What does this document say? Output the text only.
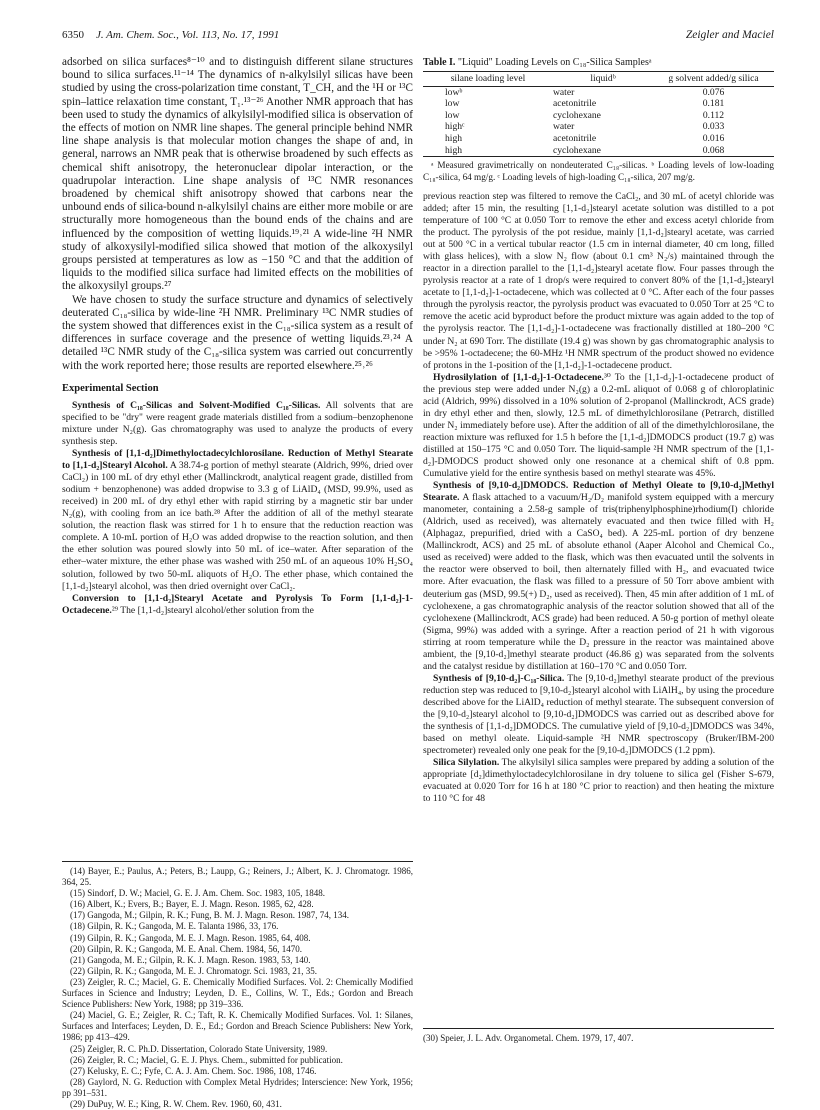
6350 J. Am. Chem. Soc., Vol. 113, No. 17, 1991	Zeigler and Maciel

adsorbed on silica surfaces⁸⁻¹⁰ and to distinguish different silane structures bound to silica surfaces.¹¹⁻¹⁴ The dynamics of n-alkylsilyl silicas have been studied by using the cross-polarization time constant, T_CH, and the ¹H or ¹³C spin–lattice relaxation time constant, T₁.¹³⁻²⁶ Another NMR approach that has been used to study the dynamics of alkylsilyl-modified silica is observation of the effects of motion on NMR line shapes. The general principle behind NMR line shape analysis is that molecular motion changes the shape of and, in general, narrows an NMR peak that is otherwise broadened by such effects as chemical shift anisotropy, the heteronuclear dipolar interaction, or the quadrupolar interaction. Line shape analysis of ¹³C NMR resonances broadened by chemical shift anisotropy showed that carbons near the unbound ends of silica-bound n-alkylsilyl chains are either more mobile or are structurally more homogeneous than the bound ends of the chains and are influenced by the composition of wetting liquids.¹⁹˒²¹ A wide-line ²H NMR study of alkoxysilyl-modified silica showed that motion of the alkoxysilyl groups persisted at temperatures as low as −150 °C and that the addition of liquids to the modified silica surface had limited effects on the mobilities of the alkoxysilyl groups.²⁷

We have chosen to study the surface structure and dynamics of selectively deuterated C₁₈-silica by wide-line ²H NMR. Preliminary ¹³C NMR studies of the system showed that differences exist in the C₁₈-silica system as a result of differences in surface coverage and the presence of wetting liquids.²³˒²⁴ A detailed ¹³C NMR study of the C₁₈-silica system was carried out concurrently with the work reported here; those results are reported elsewhere.²⁵˒²⁶

Experimental Section

Synthesis of C₁₈-Silicas and Solvent-Modified C₁₈-Silicas. All solvents that are specified to be "dry" were reagent grade materials distilled from a sodium–benzophenone mixture under N₂(g). Gas chromatography was used to analyze the products of every synthesis step.

Synthesis of [1,1-d₂]Dimethyloctadecylchlorosilane. Reduction of Methyl Stearate to [1,1-d₂]Stearyl Alcohol. A 38.74-g portion of methyl stearate (Aldrich, 99%, dried over CaCl₂) in 100 mL of dry ethyl ether (Mallinckrodt, analytical reagent grade, distilled from sodium + benzophenone) was added dropwise to 3.3 g of LiAlD₄ (MSD, 99.9%, used as received) in 200 mL of dry ethyl ether with rapid stirring by a magnetic stir bar under N₂(g), with cooling from an ice bath.²⁸ After the addition of all of the methyl stearate solution, the reaction flask was stirred for 1 h to ensure that the reduction reaction was complete. A 10-mL portion of H₂O was added dropwise to the reaction solution, and then the ether solution was poured slowly into 50 mL of ice–water. After separation of the ether–water mixture, the ether phase was washed with 250 mL of an aqueous 10% H₂SO₄ solution, followed by two 50-mL aliquots of H₂O. The ether phase, which contained the [1,1-d₂]stearyl alcohol, was then dried overnight over CaCl₂.

Conversion to [1,1-d₂]Stearyl Acetate and Pyrolysis To Form [1,1-d₂]-1-Octadecene.²⁹ The [1,1-d₂]stearyl alcohol/ether solution from the

(14) Bayer, E.; Paulus, A.; Peters, B.; Laupp, G.; Reiners, J.; Albert, K. J. Chromatogr. 1986, 364, 25.
(15) Sindorf, D. W.; Maciel, G. E. J. Am. Chem. Soc. 1983, 105, 1848.
(16) Albert, K.; Evers, B.; Bayer, E. J. Magn. Reson. 1985, 62, 428.
(17) Gangoda, M.; Gilpin, R. K.; Fung, B. M. J. Magn. Reson. 1987, 74, 134.
(18) Gilpin, R. K.; Gangoda, M. E. Talanta 1986, 33, 176.
(19) Gilpin, R. K.; Gangoda, M. E. J. Magn. Reson. 1985, 64, 408.
(20) Gilpin, R. K.; Gangoda, M. E. Anal. Chem. 1984, 56, 1470.
(21) Gangoda, M. E.; Gilpin, R. K. J. Magn. Reson. 1983, 53, 140.
(22) Gilpin, R. K.; Gangoda, M. E. J. Chromatogr. Sci. 1983, 21, 35.
(23) Zeigler, R. C.; Maciel, G. E. Chemically Modified Surfaces. Vol. 2: Chemically Modified Surfaces in Science and Industry; Leyden, D. E., Collins, W. T., Eds.; Gordon and Breach Science Publishers: New York, 1988; pp 319–336.
(24) Maciel, G. E.; Zeigler, R. C.; Taft, R. K. Chemically Modified Surfaces. Vol. 1: Silanes, Surfaces and Interfaces; Leyden, D. E., Ed.; Gordon and Breach Science Publishers: New York, 1986; pp 413–429.
(25) Zeigler, R. C. Ph.D. Dissertation, Colorado State University, 1989.
(26) Zeigler, R. C.; Maciel, G. E. J. Phys. Chem., submitted for publication.
(27) Kelusky, E. C.; Fyfe, C. A. J. Am. Chem. Soc. 1986, 108, 1746.
(28) Gaylord, N. G. Reduction with Complex Metal Hydrides; Interscience: New York, 1956; pp 391–531.
(29) DuPuy, W. E.; King, R. W. Chem. Rev. 1960, 60, 431.
Table I. "Liquid" Loading Levels on C₁₈-Silica Samplesᵃ
silane loading level	liquidᵇ	g solvent added/g silica
lowᵇ	water	0.076
low	acetonitrile	0.181
low	cyclohexane	0.112
highᶜ	water	0.033
high	acetonitrile	0.016
high	cyclohexane	0.068

ᵃ Measured gravimetrically on nondeuterated C₁₈-silicas. ᵇ Loading levels of low-loading C₁₈-silica, 64 mg/g. ᶜ Loading levels of high-loading C₁₈-silica, 207 mg/g.

previous reaction step was filtered to remove the CaCl₂, and 30 mL of acetyl chloride was added; after 15 min, the resulting [1,1-d₂]stearyl acetate solution was distilled to a pot temperature of 100 °C at 0.050 Torr to remove the ether and excess acetyl chloride from the product. The pyrolysis of the pot residue, mainly [1,1-d₂]stearyl acetate, was carried out at 500 °C in a vertical tubular reactor (1.5 cm in internal diameter, 40 cm long, filled with glass helices), with a slow N₂ flow (about 0.1 cm³ N₂/s) maintained through the reactor in a direction parallel to the [1,1-d₂]stearyl acetate flow. Four passes through the pyrolysis reactor at a rate of 1 drop/s were required to convert 80% of the [1,1-d₂]stearyl acetate to [1,1-d₂]-1-octadecene, which was collected at 0 °C. After each of the four passes through the pyrolysis reactor, the pyrolysis product was evacuated to 0.050 Torr at 25 °C to remove the acetic acid byproduct before the product mixture was again added to the top of the pyrolysis reactor. The [1,1-d₂]-1-octadecene was fractionally distilled at 180–200 °C under N₂ at 690 Torr. The distillate (19.4 g) was shown by gas chromatographic analysis to be >95% 1-octadecene; the 60-MHz ¹H NMR spectrum of the product showed no evidence of protons in the 1-position of the [1,1-d₂]-1-octadecene product.

Hydrosilylation of [1,1-d₂]-1-Octadecene.³⁰ To the [1,1-d₂]-1-octadecene product of the previous step were added under N₂(g) a 0.2-mL aliquot of 0.068 g of chloroplatinic acid (Aldrich, 99%) dissolved in a 10% solution of 2-propanol (Mallinckrodt, ACS grade) in dry ethyl ether and then, slowly, 12.5 mL of dimethylchlorosilane (Petrarch, distilled under N₂ immediately before use). After the addition of all of the dimethylchlorosilane, the reaction mixture was refluxed for 1.5 h before the [1,1-d₂]DMODCS product (19.7 g) was distilled at 150–175 °C and 0.050 Torr. The liquid-sample ²H NMR spectrum of the [1,1-d₂]-DMODCS product showed only one resonance at a chemical shift of 0.8 ppm. Cumulative yield for the entire synthesis based on methyl stearate was 45%.

Synthesis of [9,10-d₂]DMODCS. Reduction of Methyl Oleate to [9,10-d₂]Methyl Stearate. A flask attached to a vacuum/H₂/D₂ manifold system equipped with a mercury manometer, containing a 2.58-g sample of tris(triphenylphosphine)rhodium(I) chloride (Aldrich, used as received), was alternately evacuated and then twice filled with H₂ (Alphagaz, prepurified, dried with a CaSO₄ bed). A 225-mL portion of dry benzene (Mallinckrodt, ACS) and 25 mL of absolute ethanol (Aaper Alcohol and Chemical Co., used as received) were added to the flask, which was then evacuated until the solvents in the reactor were observed to boil, then alternately filled with H₂, and evacuated twice more. After evacuation, the flask was filled to a pressure of 50 Torr above ambient with deuterium gas (MSD, 99.5(+) D₂, used as received). Then, 45 min after addition of 1 mL of cyclohexene, a gas chromatographic analysis of the reactor solution showed that all of the cyclohexene (Mallinckrodt, ACS grade) had been reduced. A 50-g portion of methyl oleate (Sigma, 99%) was added with a syringe. After a reaction period of 21 h with vigorous stirring at room temperature while the D₂ pressure in the reactor was maintained above ambient, the [9,10-d₂]methyl stearate product (46.86 g) was separated from the solvents and the catalyst residue by distillation at 160–170 °C and 0.050 Torr.

Synthesis of [9,10-d₂]-C₁₈-Silica. The [9,10-d₂]methyl stearate product of the previous reduction step was reduced to [9,10-d₂]stearyl alcohol with LiAlH₄, by using the procedure described above for the LiAlD₄ reduction of methyl stearate. The subsequent conversion of the [9,10-d₂]stearyl alcohol to [9,10-d₂]DMODCS was carried out as described above for the synthesis of [1,1-d₂]DMODCS. The cumulative yield of [9,10-d₂]DMODCS was 34%, based on methyl oleate. Liquid-sample ²H NMR spectroscopy (Bruker/IBM-200 spectrometer) revealed only one peak for the [9,10-d₂]DMODCS (1.2 ppm).

Silica Silylation. The alkylsilyl silica samples were prepared by adding a solution of the appropriate [d₂]dimethyloctadecylchlorosilane in dry toluene to silica gel (Fisher S-679, evacuated at 0.020 Torr for 16 h at 180 °C prior to reaction) and then heating the mixture to 110 °C for 48

(30) Speier, J. L. Adv. Organometal. Chem. 1979, 17, 407.
